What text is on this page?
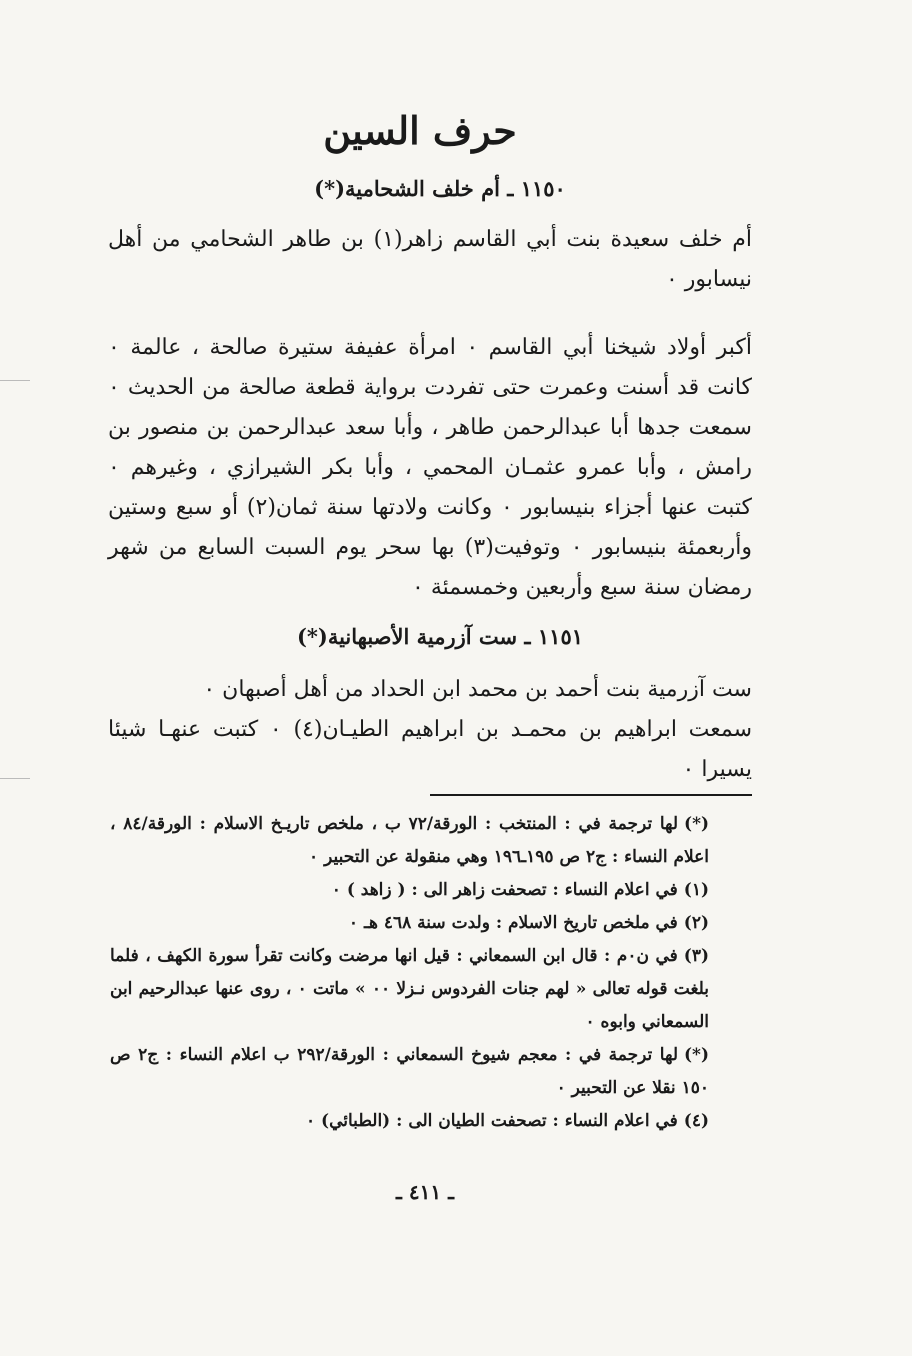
حرف السين
١١٥٠ ـ أم خلف الشحامية(*)

أم خلف سعيدة بنت أبي القاسم زاهر(١) بن طاهر الشحامي من أهل نيسابور ٠

أكبر أولاد شيخنا أبي القاسم ٠ امرأة عفيفة ستيرة صالحة ، عالمة ٠ كانت قد أسنت وعمرت حتى تفردت برواية قطعة صالحة من الحديث ٠ سمعت جدها أبا عبدالرحمن طاهر ، وأبا سعد عبدالرحمن بن منصور بن رامش ، وأبا عمرو عثمـان المحمي ، وأبا بكر الشيرازي ، وغيرهم ٠ كتبت عنها أجزاء بنيسابور ٠ وكانت ولادتها سنة ثمان(٢) أو سبع وستين وأربعمئة بنيسابور ٠ وتوفيت(٣) بها سحر يوم السبت السابع من شهر رمضان سنة سبع وأربعين وخمسمئة ٠

١١٥١ ـ ست آزرمية الأصبهانية(*)

ست آزرمية بنت أحمد بن محمد ابن الحداد من أهل أصبهان ٠

سمعت ابراهيم بن محمـد بن ابراهيم الطيـان(٤) ٠ كتبت عنهـا شيئا يسيرا ٠

(*)لها ترجمة في : المنتخب : الورقة/٧٢ ب ، ملخص تاريـخ الاسلام : الورقة/٨٤ ، اعلام النساء : ج٢ ص ١٩٥ـ١٩٦ وهي منقولة عن التحبير ٠

(١)في اعلام النساء : تصحفت زاهر الى : ( زاهد ) ٠

(٢)في ملخص تاريخ الاسلام : ولدت سنة ٤٦٨ هـ ٠

(٣)في ن٠م : قال ابن السمعاني : قيل انها مرضت وكانت تقرأ سورة الكهف ، فلما بلغت قوله تعالى « لهم جنات الفردوس نـزلا ٠٠ » ماتت ٠ ، روى عنها عبدالرحيم ابن السمعاني وابوه ٠

(*)لها ترجمة في : معجم شيوخ السمعاني : الورقة/٢٩٢ ب اعلام النساء : ج٢ ص ١٥٠ نقلا عن التحبير ٠

(٤)في اعلام النساء : تصحفت الطيان الى : (الطبائي) ٠

ـ ٤١١ ـ
